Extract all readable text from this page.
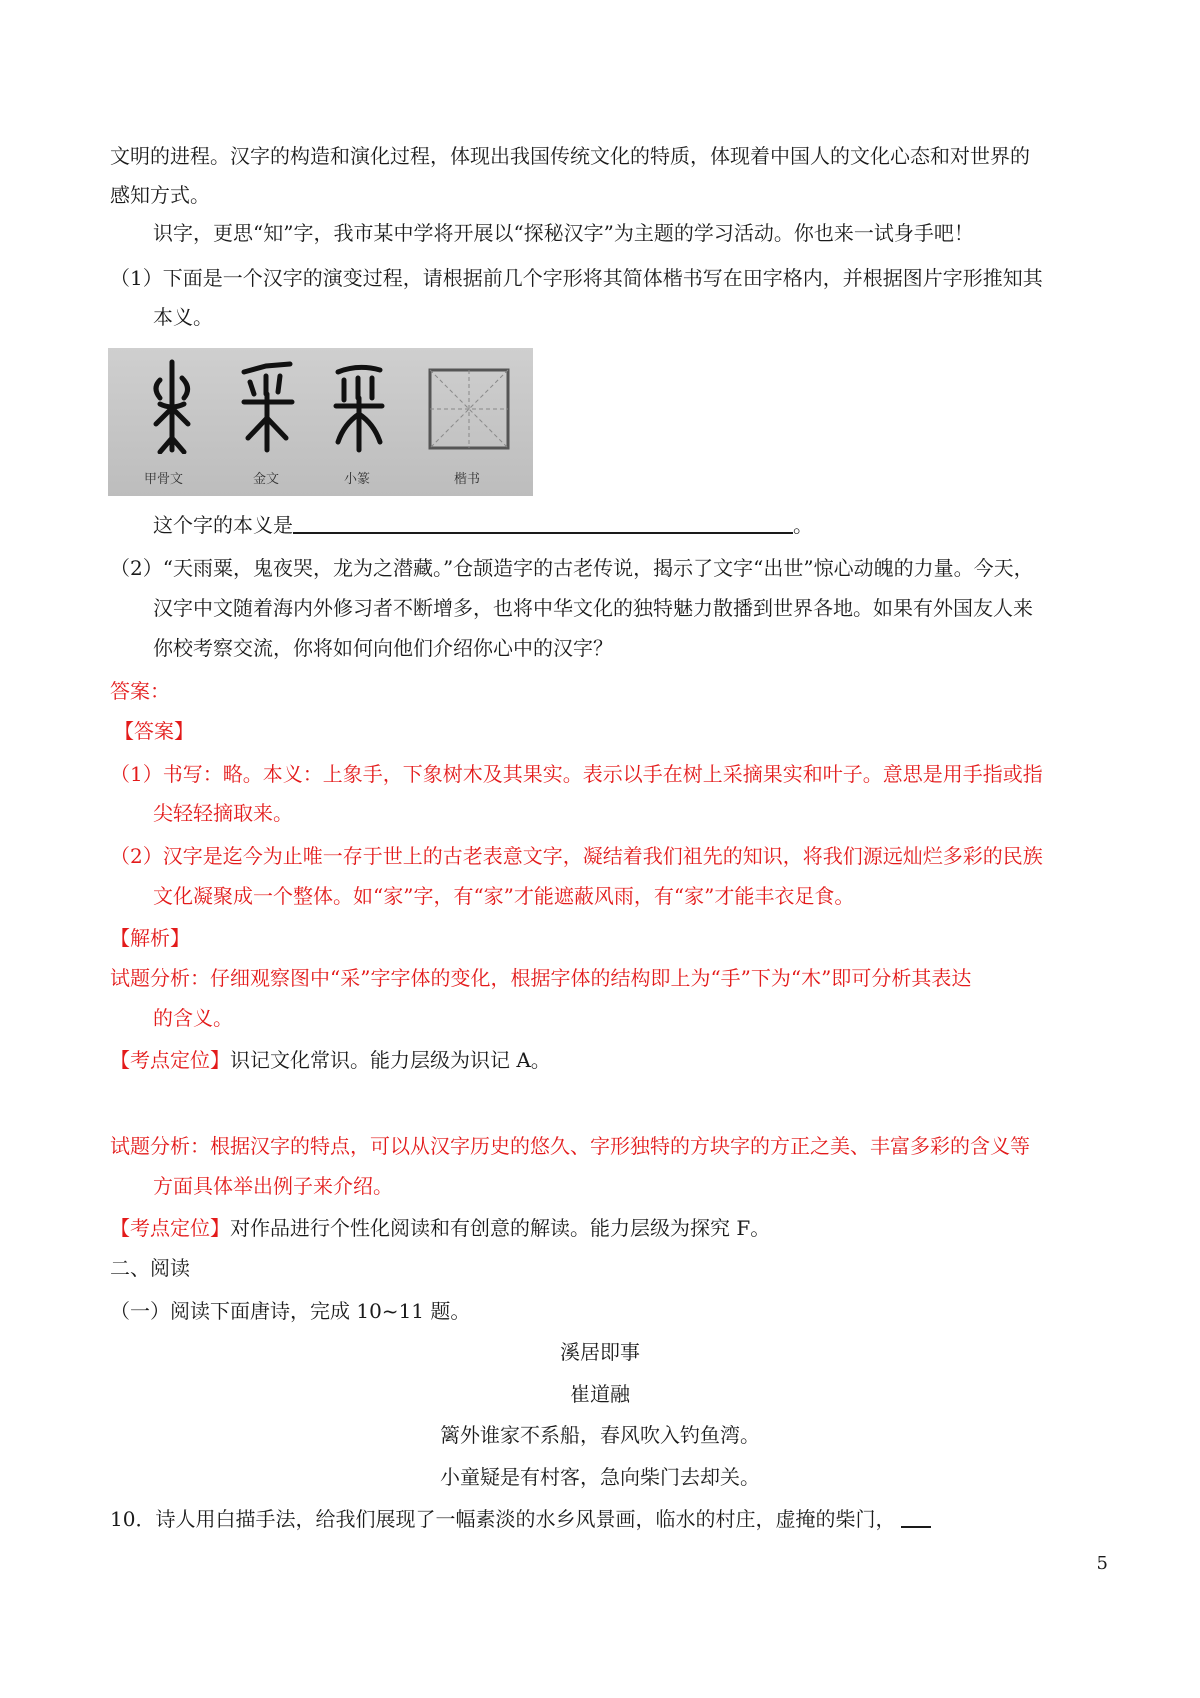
文明的进程。汉字的构造和演化过程，体现出我国传统文化的特质，体现着中国人的文化心态和对世界的
感知方式。
识字，更思“知”字，我市某中学将开展以“探秘汉字”为主题的学习活动。你也来一试身手吧！
（1）下面是一个汉字的演变过程，请根据前几个字形将其简体楷书写在田字格内，并根据图片字形推知其
本义。
甲骨文	金文	小篆	楷书
这个字的本义是	。
（2）“天雨粟，鬼夜哭，龙为之潜藏。”仓颉造字的古老传说，揭示了文字“出世”惊心动魄的力量。今天，
汉字中文随着海内外修习者不断增多，也将中华文化的独特魅力散播到世界各地。如果有外国友人来
你校考察交流，你将如何向他们介绍你心中的汉字？
答案：
【答案】
（1）书写：略。本义：上象手，下象树木及其果实。表示以手在树上采摘果实和叶子。意思是用手指或指
尖轻轻摘取来。
（2）汉字是迄今为止唯一存于世上的古老表意文字，凝结着我们祖先的知识，将我们源远灿烂多彩的民族
文化凝聚成一个整体。如“家”字，有“家”才能遮蔽风雨，有“家”才能丰衣足食。
【解析】
试题分析：仔细观察图中“采”字字体的变化，根据字体的结构即上为“手”下为“木”即可分析其表达
的含义。
【考点定位】识记文化常识。能力层级为识记 A。
试题分析：根据汉字的特点，可以从汉字历史的悠久、字形独特的方块字的方正之美、丰富多彩的含义等
方面具体举出例子来介绍。
【考点定位】对作品进行个性化阅读和有创意的解读。能力层级为探究 F。
二、阅读
（一）阅读下面唐诗，完成 10~11 题。
溪居即事
崔道融
篱外谁家不系船，春风吹入钓鱼湾。
小童疑是有村客，急向柴门去却关。
10．诗人用白描手法，给我们展现了一幅素淡的水乡风景画，临水的村庄，虚掩的柴门，
5
